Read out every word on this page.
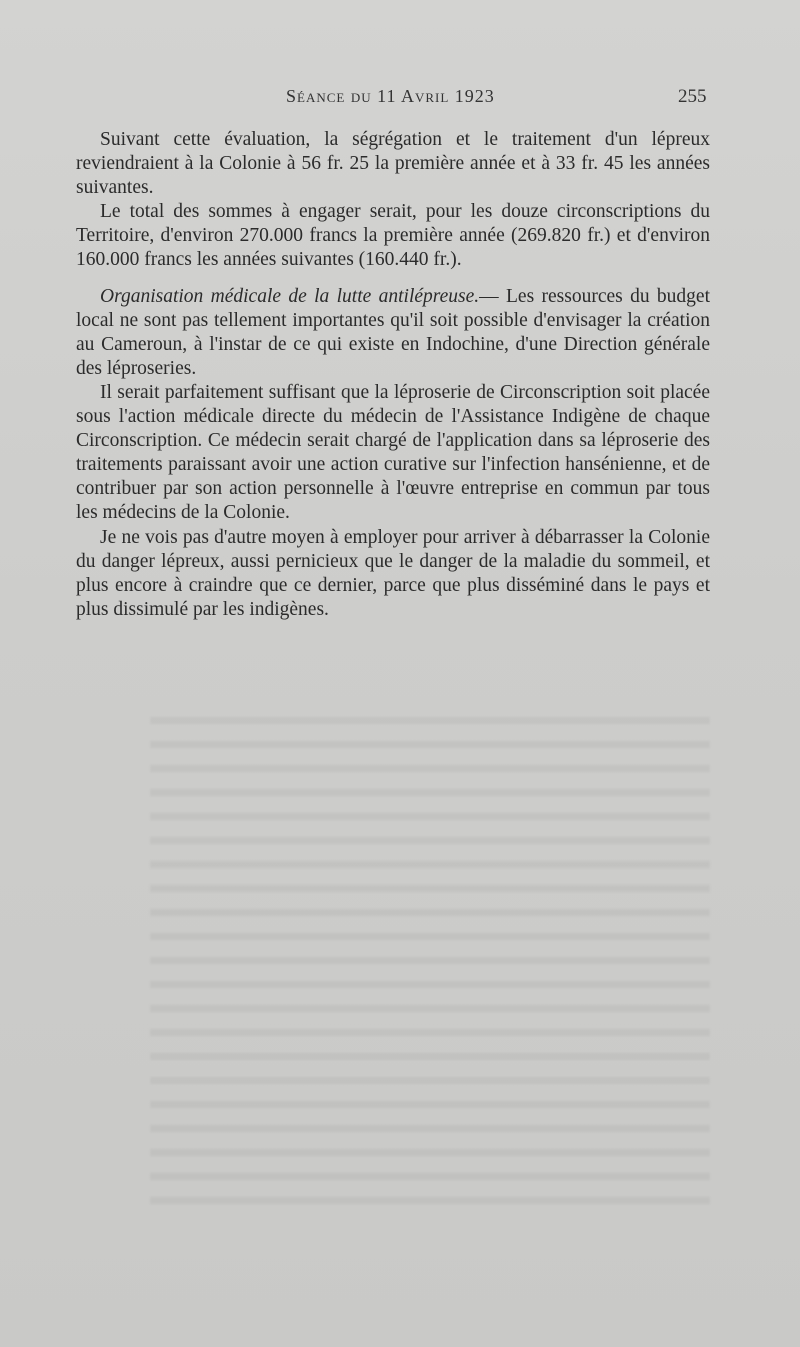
Séance du 11 Avril 1923	255

Suivant cette évaluation, la ségrégation et le traitement d'un lépreux reviendraient à la Colonie à 56 fr. 25 la première année et à 33 fr. 45 les années suivantes.

Le total des sommes à engager serait, pour les douze circonscriptions du Territoire, d'environ 270.000 francs la première année (269.820 fr.) et d'environ 160.000 francs les années suivantes (160.440 fr.).

Organisation médicale de la lutte antilépreuse.— Les ressources du budget local ne sont pas tellement importantes qu'il soit possible d'envisager la création au Cameroun, à l'instar de ce qui existe en Indochine, d'une Direction générale des léproseries.

Il serait parfaitement suffisant que la léproserie de Circonscription soit placée sous l'action médicale directe du médecin de l'Assistance Indigène de chaque Circonscription. Ce médecin serait chargé de l'application dans sa léproserie des traitements paraissant avoir une action curative sur l'infection hansénienne, et de contribuer par son action personnelle à l'œuvre entreprise en commun par tous les médecins de la Colonie.

Je ne vois pas d'autre moyen à employer pour arriver à débarrasser la Colonie du danger lépreux, aussi pernicieux que le danger de la maladie du sommeil, et plus encore à craindre que ce dernier, parce que plus disséminé dans le pays et plus dissimulé par les indigènes.
